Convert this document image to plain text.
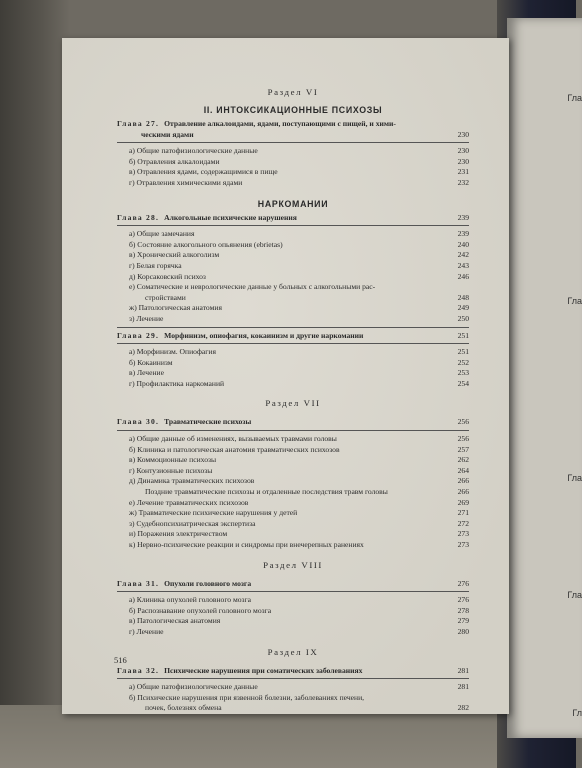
Гла
Гла
Гла
Гла
Гл
Раздел VI
II. ИНТОКСИКАЦИОННЫЕ ПСИХОЗЫ
Глава 27. Отравление алкалоидами, ядами, поступающими с пищей, и хими-
ческими ядами	230
а) Общие патофизиологические данные	230
б) Отравления алкалоидами	230
в) Отравления ядами, содержащимися в пище	231
г) Отравления химическими ядами	232
НАРКОМАНИИ
Глава 28. Алкогольные психические нарушения	239
а) Общие замечания	239
б) Состояние алкогольного опьянения (ebrietas)	240
в) Хронический алкоголизм	242
г) Белая горячка	243
д) Корсаковский психоз	246
е) Соматические и неврологические данные у больных с алкогольными рас-
стройствами	248
ж) Патологическая анатомия	249
з) Лечение	250
Глава 29. Морфинизм, опиофагия, кокаинизм и другие наркомании	251
а) Морфинизм. Опиофагия	251
б) Кокаинизм	252
в) Лечение	253
г) Профилактика наркоманий	254
Раздел VII
Глава 30. Травматические психозы	256
а) Общие данные об изменениях, вызываемых травмами головы	256
б) Клиника и патологическая анатомия травматических психозов	257
в) Коммоционные психозы	262
г) Контузионные психозы	264
д) Динамика травматических психозов	266
Поздние травматические психозы и отдаленные последствия травм головы	266
е) Лечение травматических психозов	269
ж) Травматические психические нарушения у детей	271
з) Судебнопсихиатрическая экспертиза	272
и) Поражения электричеством	273
к) Нервно-психические реакции и синдромы при внечерепных ранениях	273
Раздел VIII
Глава 31. Опухоли головного мозга	276
а) Клиника опухолей головного мозга	276
б) Распознавание опухолей головного мозга	278
в) Патологическая анатомия	279
г) Лечение	280
Раздел IX
Глава 32. Психические нарушения при соматических заболеваниях	281
а) Общие патофизиологические данные	281
б) Психические нарушения при язвенной болезни, заболеваниях печени,
почек, болезнях обмена	282
516
